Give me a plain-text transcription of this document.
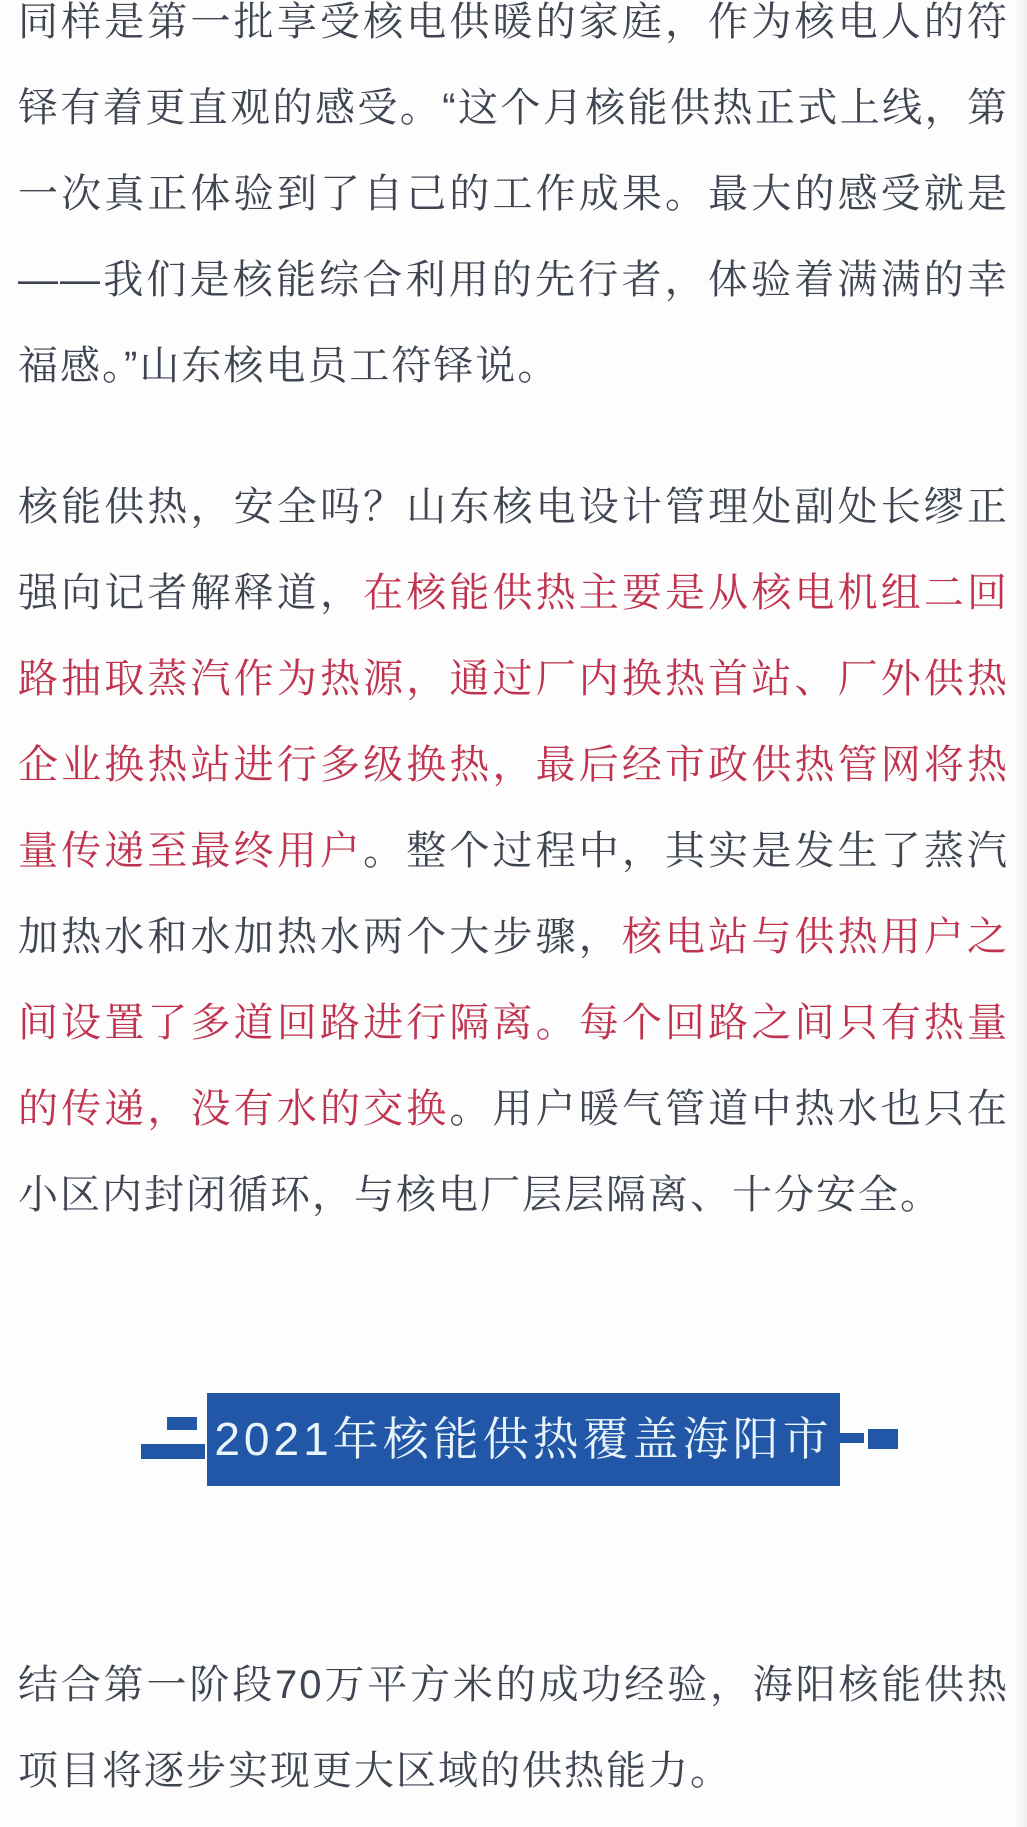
同样是第一批享受核电供暖的家庭，作为核电人的符铎有着更直观的感受。“这个月核能供热正式上线，第一次真正体验到了自己的工作成果。最大的感受就是——我们是核能综合利用的先行者，体验着满满的幸福感。”山东核电员工符铎说。

核能供热，安全吗？山东核电设计管理处副处长缪正强向记者解释道，在核能供热主要是从核电机组二回路抽取蒸汽作为热源，通过厂内换热首站、厂外供热企业换热站进行多级换热，最后经市政供热管网将热量传递至最终用户。整个过程中，其实是发生了蒸汽加热水和水加热水两个大步骤，核电站与供热用户之间设置了多道回路进行隔离。每个回路之间只有热量的传递，没有水的交换。用户暖气管道中热水也只在小区内封闭循环，与核电厂层层隔离、十分安全。

2021年核能供热覆盖海阳市

结合第一阶段70万平方米的成功经验，海阳核能供热项目将逐步实现更大区域的供热能力。
